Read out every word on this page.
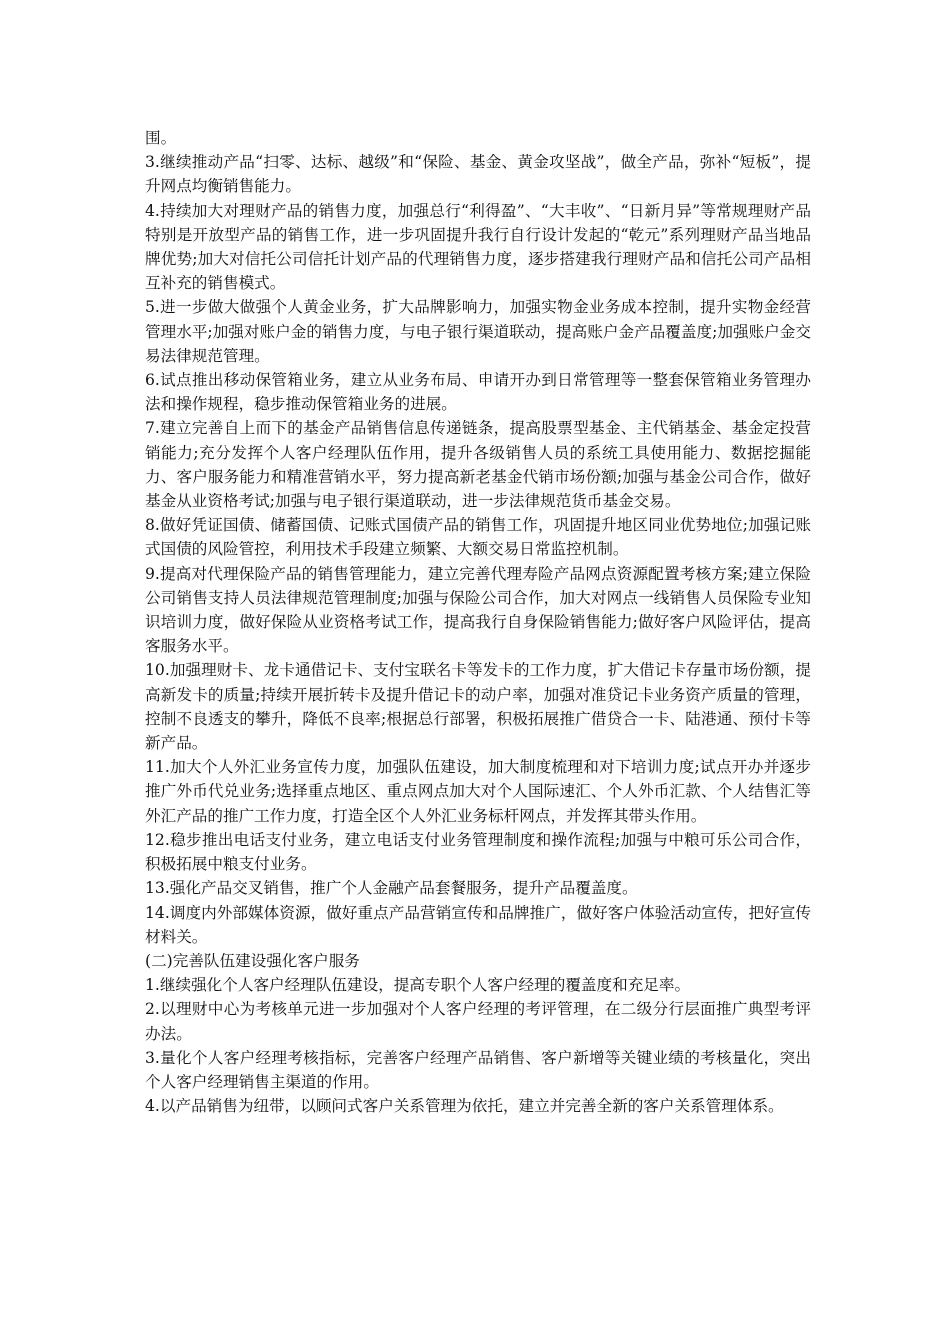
围。

3.继续推动产品“扫零、达标、越级”和“保险、基金、黄金攻坚战”，做全产品，弥补“短板”，提升网点均衡销售能力。

4.持续加大对理财产品的销售力度，加强总行“利得盈”、“大丰收”、“日新月异”等常规理财产品特别是开放型产品的销售工作，进一步巩固提升我行自行设计发起的“乾元”系列理财产品当地品牌优势;加大对信托公司信托计划产品的代理销售力度，逐步搭建我行理财产品和信托公司产品相互补充的销售模式。

5.进一步做大做强个人黄金业务，扩大品牌影响力，加强实物金业务成本控制，提升实物金经营管理水平;加强对账户金的销售力度，与电子银行渠道联动，提高账户金产品覆盖度;加强账户金交易法律规范管理。

6.试点推出移动保管箱业务，建立从业务布局、申请开办到日常管理等一整套保管箱业务管理办法和操作规程，稳步推动保管箱业务的进展。

7.建立完善自上而下的基金产品销售信息传递链条，提高股票型基金、主代销基金、基金定投营销能力;充分发挥个人客户经理队伍作用，提升各级销售人员的系统工具使用能力、数据挖掘能力、客户服务能力和精准营销水平，努力提高新老基金代销市场份额;加强与基金公司合作，做好基金从业资格考试;加强与电子银行渠道联动，进一步法律规范货币基金交易。

8.做好凭证国债、储蓄国债、记账式国债产品的销售工作，巩固提升地区同业优势地位;加强记账式国债的风险管控，利用技术手段建立频繁、大额交易日常监控机制。

9.提高对代理保险产品的销售管理能力，建立完善代理寿险产品网点资源配置考核方案;建立保险公司销售支持人员法律规范管理制度;加强与保险公司合作，加大对网点一线销售人员保险专业知识培训力度，做好保险从业资格考试工作，提高我行自身保险销售能力;做好客户风险评估，提高客服务水平。

10.加强理财卡、龙卡通借记卡、支付宝联名卡等发卡的工作力度，扩大借记卡存量市场份额，提高新发卡的质量;持续开展折转卡及提升借记卡的动户率，加强对准贷记卡业务资产质量的管理，控制不良透支的攀升，降低不良率;根据总行部署，积极拓展推广借贷合一卡、陆港通、预付卡等新产品。

11.加大个人外汇业务宣传力度，加强队伍建设，加大制度梳理和对下培训力度;试点开办并逐步推广外币代兑业务;选择重点地区、重点网点加大对个人国际速汇、个人外币汇款、个人结售汇等外汇产品的推广工作力度，打造全区个人外汇业务标杆网点，并发挥其带头作用。

12.稳步推出电话支付业务，建立电话支付业务管理制度和操作流程;加强与中粮可乐公司合作，积极拓展中粮支付业务。

13.强化产品交叉销售，推广个人金融产品套餐服务，提升产品覆盖度。

14.调度内外部媒体资源，做好重点产品营销宣传和品牌推广，做好客户体验活动宣传，把好宣传材料关。

(二)完善队伍建设强化客户服务

1.继续强化个人客户经理队伍建设，提高专职个人客户经理的覆盖度和充足率。

2.以理财中心为考核单元进一步加强对个人客户经理的考评管理，在二级分行层面推广典型考评办法。

3.量化个人客户经理考核指标，完善客户经理产品销售、客户新增等关键业绩的考核量化，突出个人客户经理销售主渠道的作用。

4.以产品销售为纽带，以顾问式客户关系管理为依托，建立并完善全新的客户关系管理体系。
